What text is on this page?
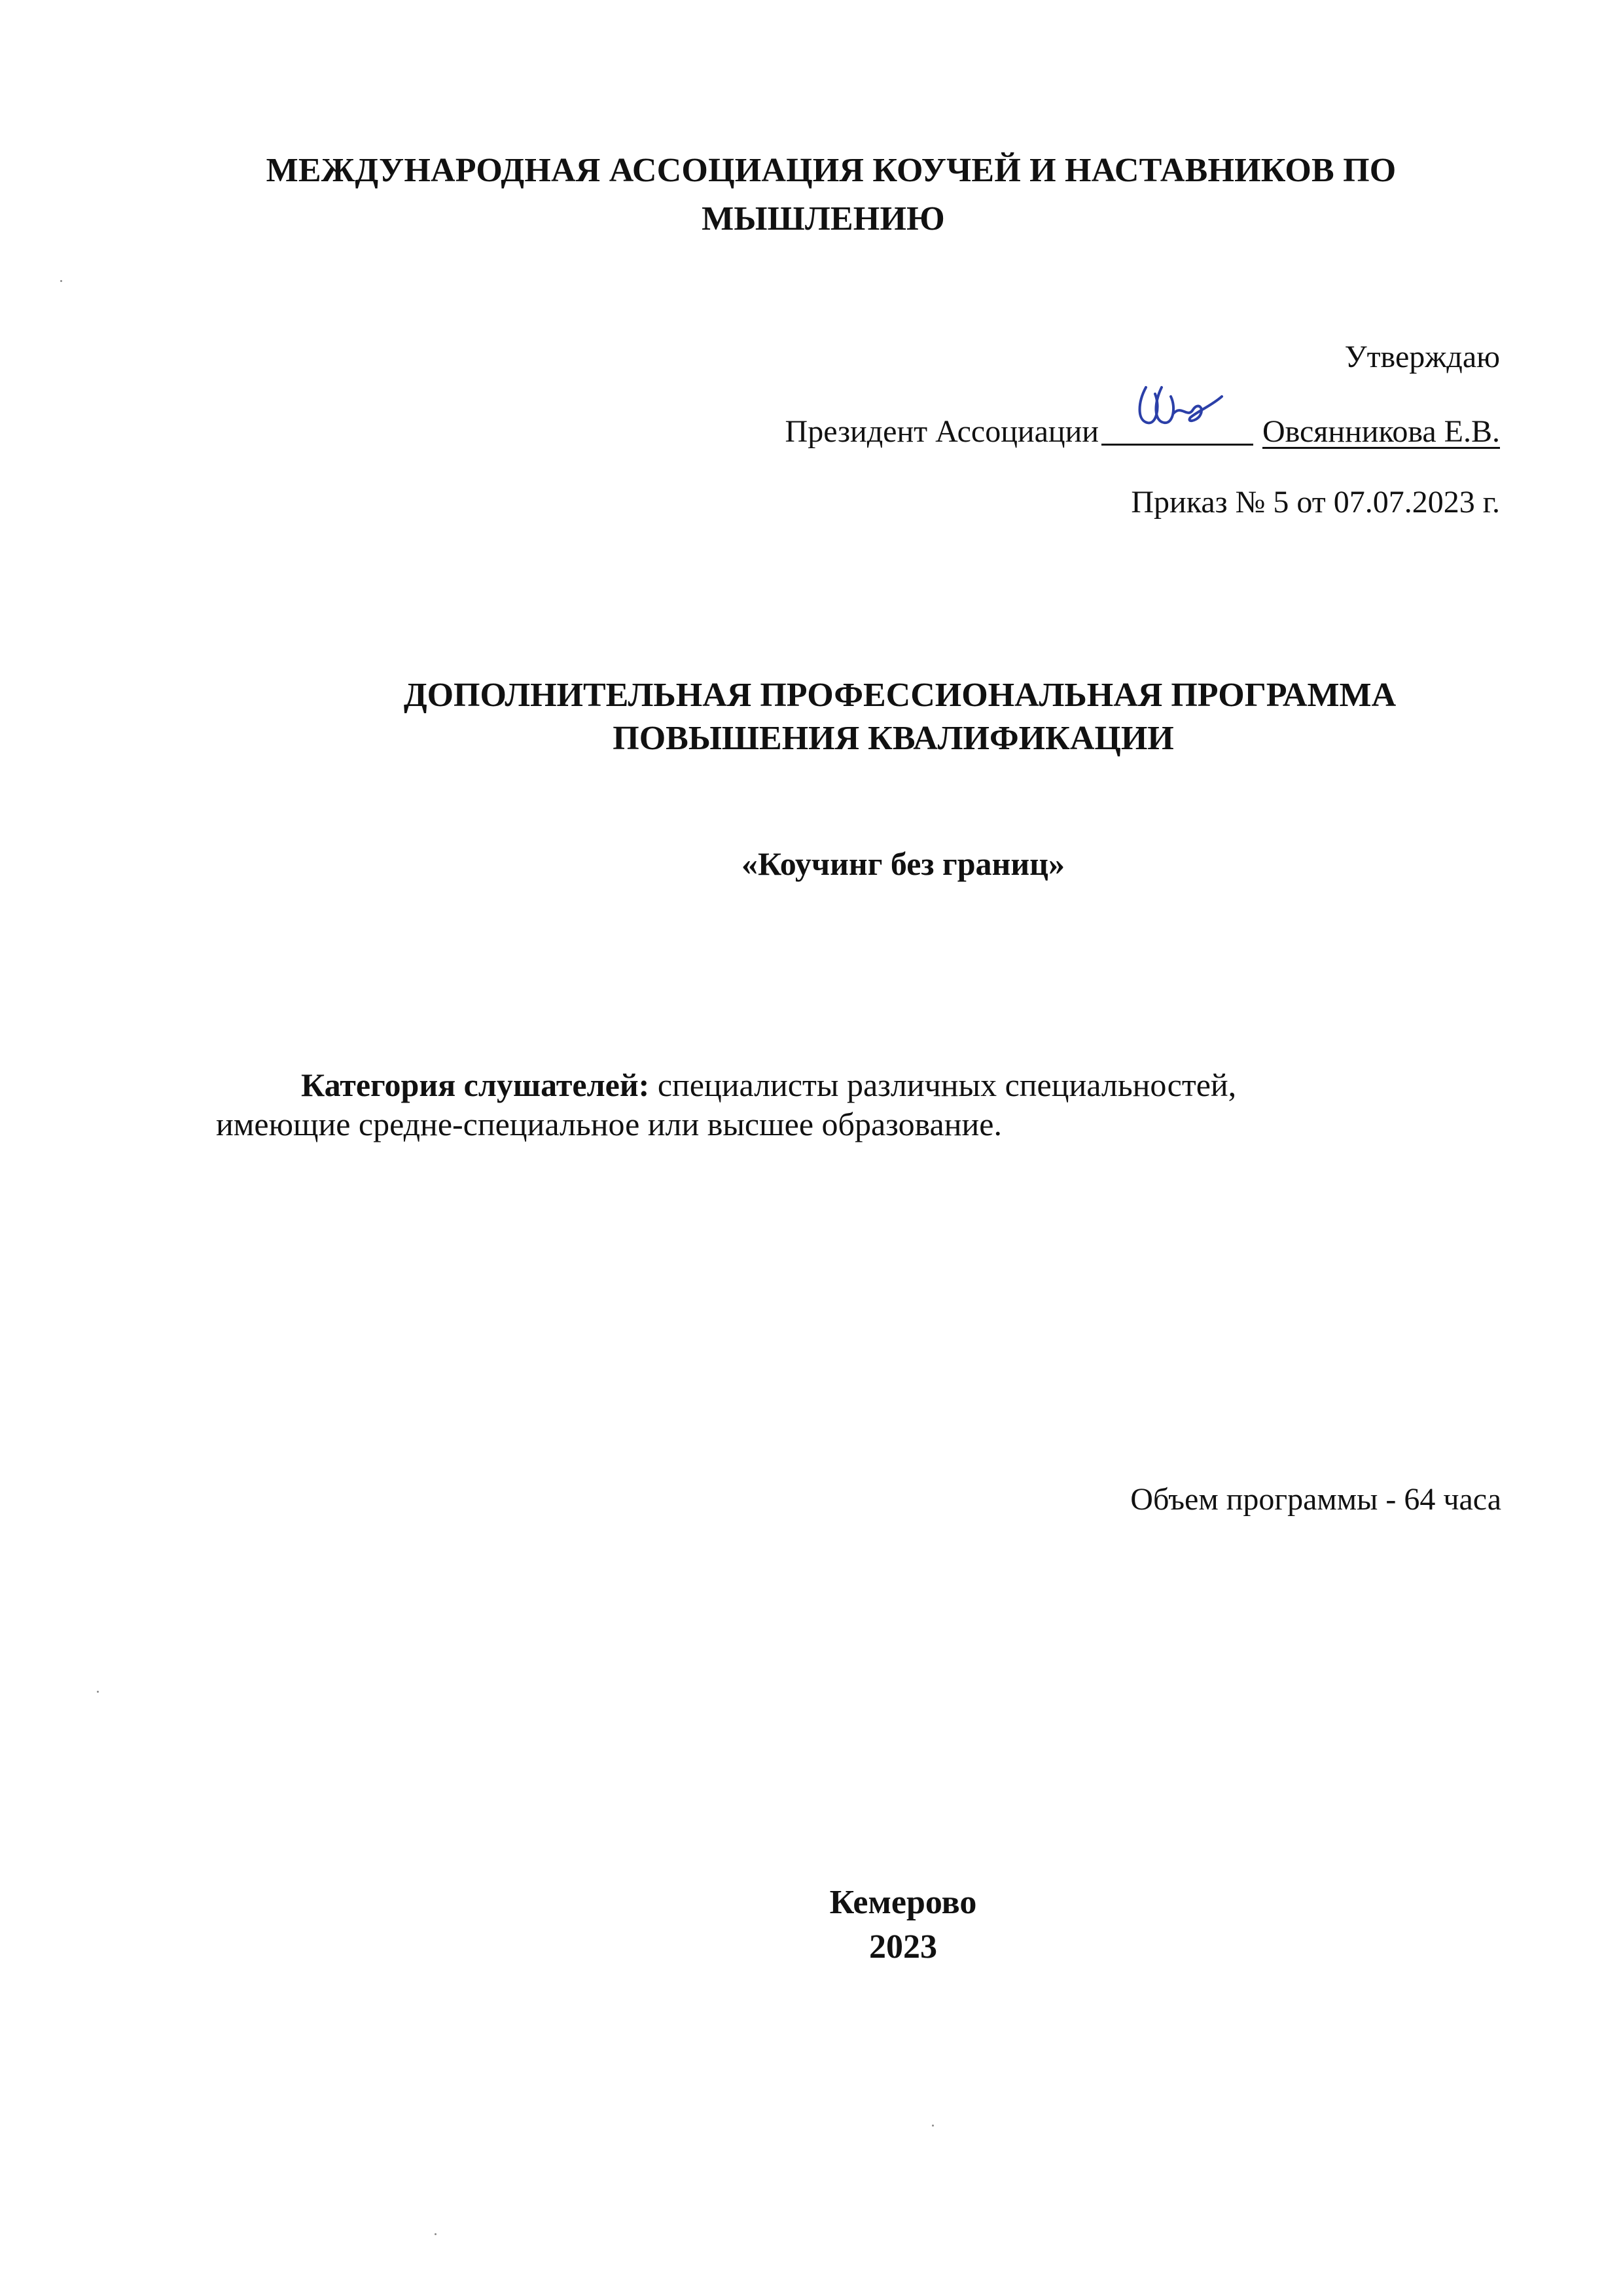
МЕЖДУНАРОДНАЯ АССОЦИАЦИЯ КОУЧЕЙ И НАСТАВНИКОВ ПО
МЫШЛЕНИЮ
Утверждаю
Президент Ассоциации	Овсянникова Е.В.
Приказ № 5 от 07.07.2023 г.
ДОПОЛНИТЕЛЬНАЯ ПРОФЕССИОНАЛЬНАЯ ПРОГРАММА
ПОВЫШЕНИЯ КВАЛИФИКАЦИИ
«Коучинг без границ»
Категория слушателей: специалисты различных специальностей,
имеющие средне-специальное или высшее образование.
Объем программы - 64 часа
Кемерово
2023
